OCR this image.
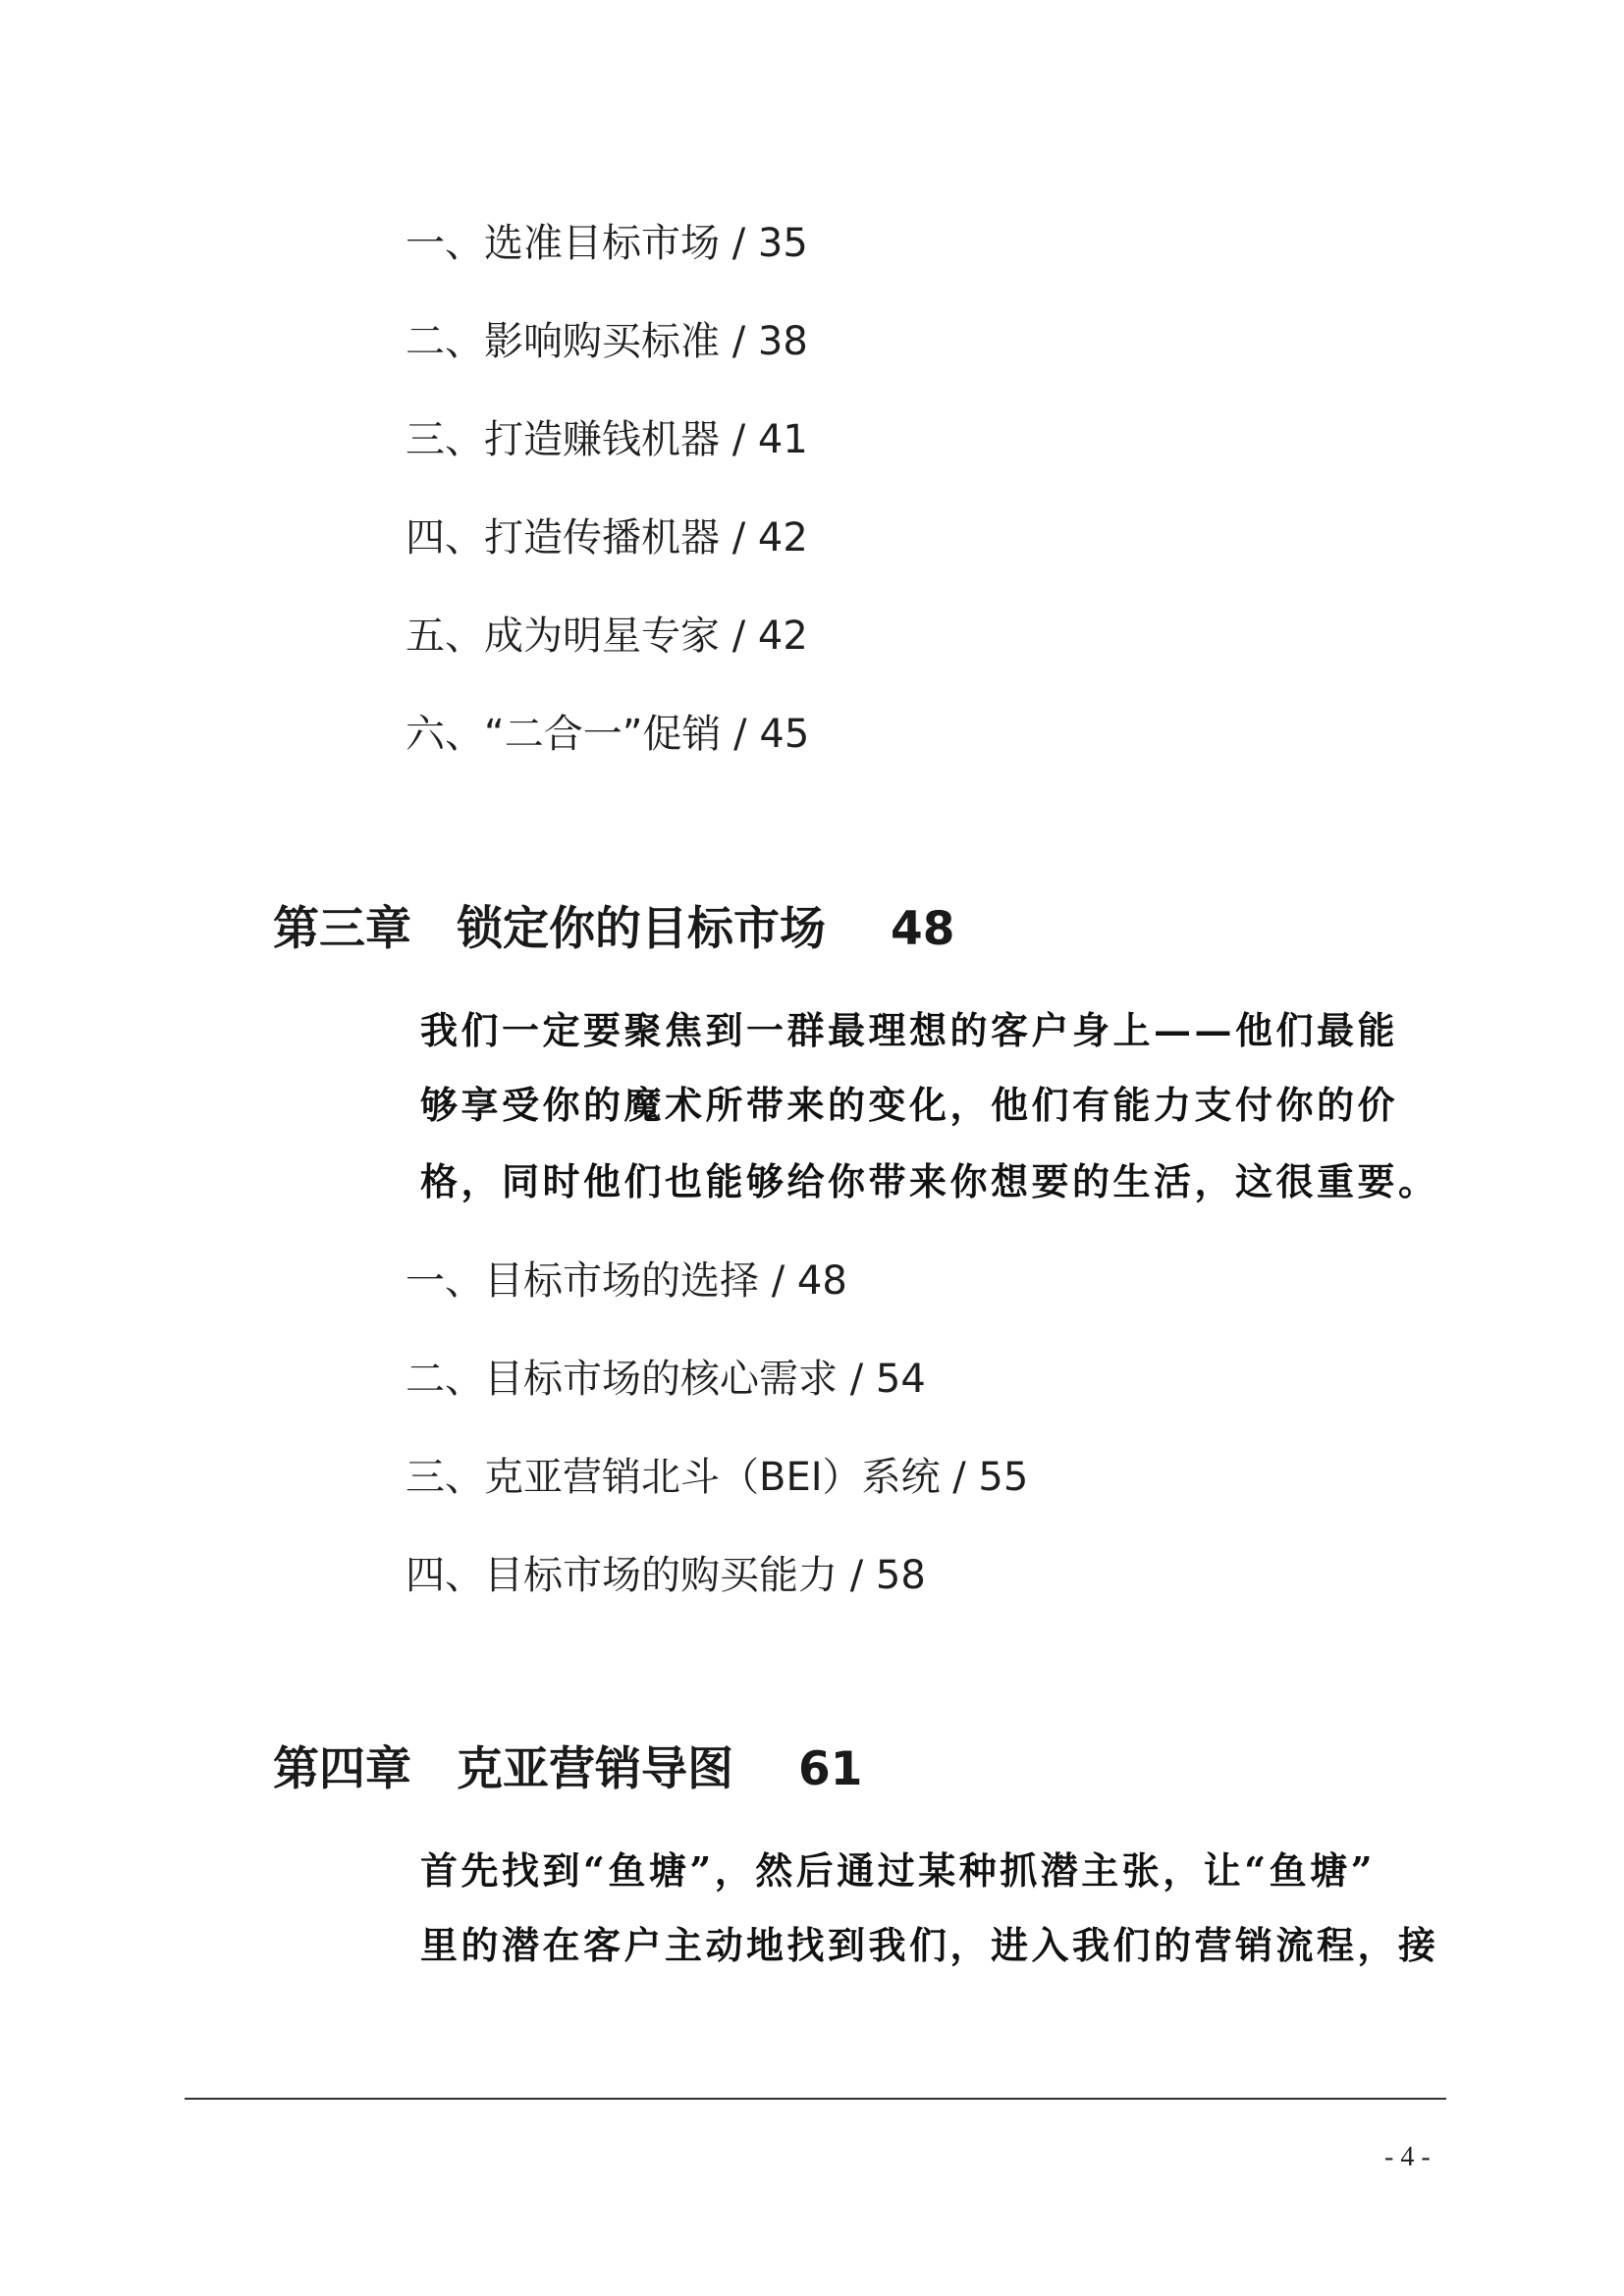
一、选准目标市场 / 35
二、影响购买标准 / 38
三、打造赚钱机器 / 41
四、打造传播机器 / 42
五、成为明星专家 / 42
六、“二合一”促销 / 45
第三章 锁定你的目标市场 48
我们一定要聚焦到一群最理想的客户身上——他们最能
够享受你的魔术所带来的变化，他们有能力支付你的价
格，同时他们也能够给你带来你想要的生活，这很重要。
一、目标市场的选择 / 48
二、目标市场的核心需求 / 54
三、克亚营销北斗（BEI）系统 / 55
四、目标市场的购买能力 / 58
第四章 克亚营销导图 61
首先找到“鱼塘”，然后通过某种抓潜主张，让“鱼塘”
里的潜在客户主动地找到我们，进入我们的营销流程，接
- 4 -
